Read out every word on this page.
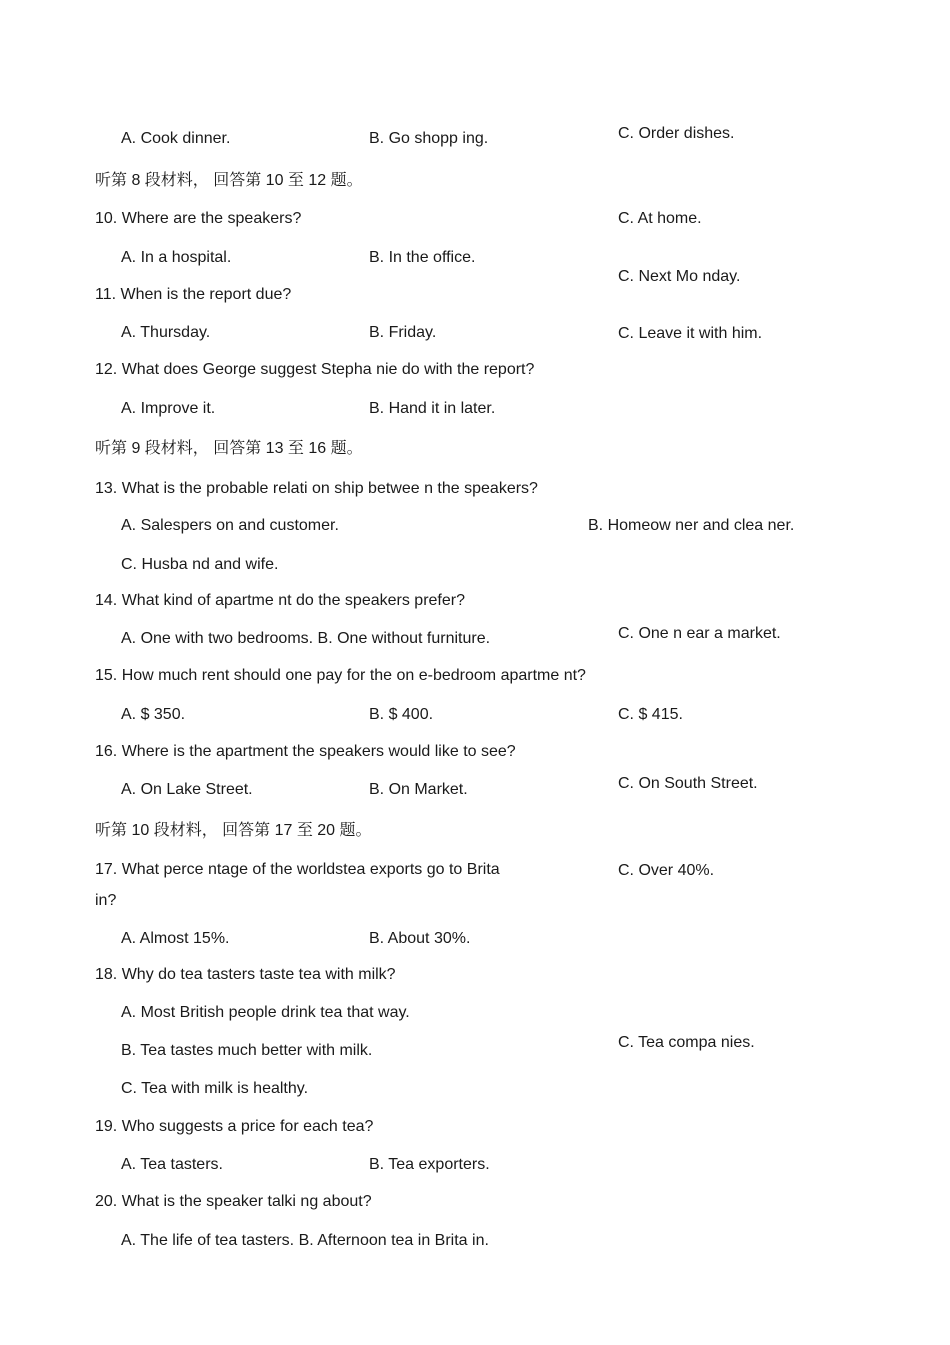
A. Cook dinner.	B. Go shopp ing.	C. Order dishes.
听第 8 段材料， 回答第 10 至 12 题。
10. Where are the speakers?	C. At home.
A. In a hospital.	B. In the office.
C. Next Mo nday.
11. When is the report due?
A. Thursday.	B. Friday.	C. Leave it with him.
12. What does George suggest Stepha nie do with the report?
A. Improve it.	B. Hand it in later.
听第 9 段材料， 回答第 13 至 16 题。
13. What is the probable relati on ship betwee n the speakers?
A. Salespers on and customer.	B. Homeow ner and clea ner.
C. Husba nd and wife.
14. What kind of apartme nt do the speakers prefer?
C. One n ear a market.
A. One with two bedrooms. B. One without furniture.
15. How much rent should one pay for the on e-bedroom apartme nt?
A. $ 350.	B. $ 400.	C. $ 415.
16. Where is the apartment the speakers would like to see?
C. On South Street.
A. On Lake Street.	B. On Market.
听第 10 段材料， 回答第 17 至 20 题。
17. What perce ntage of the worldstea exports go to Brita	C. Over 40%.
in?
A. Almost 15%.	B. About 30%.
18. Why do tea tasters taste tea with milk?
A. Most British people drink tea that way.
C. Tea compa nies.
B. Tea tastes much better with milk.
C. Tea with milk is healthy.
19. Who suggests a price for each tea?
A. Tea tasters.	B. Tea exporters.
20. What is the speaker talki ng about?
A. The life of tea tasters. B. Afternoon tea in Brita in.
